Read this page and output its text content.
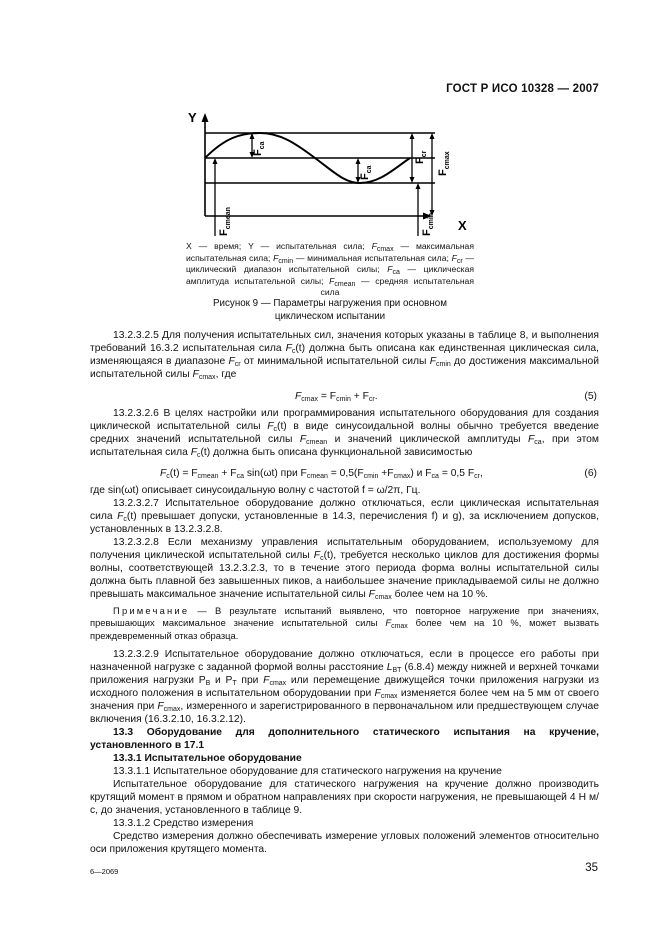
ГОСТ Р ИСО 10328 — 2007
Y
X
$F_{ca}$
$F_{ca}$
$F_{cr}$
$F_{cmax}$
$F_{cmean}$
$F_{cmin}$
X — время; Y — испытательная сила; $F_{cmax}$ — максимальная испытательная сила; $F_{cmin}$ — минимальная испытательная сила; $F_{cr}$ — циклический диапазон испытательной силы; $F_{ca}$ — циклическая амплитуда испытательной силы; $F_{cmean}$ — средняя испытательная сила
Рисунок 9 — Параметры нагружения при основном
циклическом испытании
13.2.3.2.5 Для получения испытательных сил, значения которых указаны в таблице 8, и выполнения требований 16.3.2 испытательная сила $F_c(t)$ должна быть описана как единственная циклическая сила, изменяющаяся в диапазоне $F_{cr}$ от минимальной испытательной силы $F_{cmin}$ до достижения максимальной испытательной силы $F_{cmax}$, где
$F_{cmax} = F_{cmin} + F_{cr}$.	(5)
13.2.3.2.6 В целях настройки или программирования испытательного оборудования для создания циклической испытательной силы $F_c(t)$ в виде синусоидальной волны обычно требуется введение средних значений испытательной силы $F_{cmean}$ и значений циклической амплитуды $F_{ca}$, при этом испытательная сила $F_c(t)$ должна быть описана функциональной зависимостью
$F_c(t) = F_{cmean} + F_{ca}$ sin(ωt) при $F_{cmean} = 0,5(F_{cmin} +F_{cmax})$ и $F_{ca} = 0,5$ $F_{cr}$,	(6)
где sin(ωt) описывает синусоидальную волну с частотой f = ω/2π, Гц.
13.2.3.2.7 Испытательное оборудование должно отключаться, если циклическая испытательная сила $F_c(t)$ превышает допуски, установленные в 14.3, перечисления f) и g), за исключением допусков, установленных в 13.2.3.2.8.
13.2.3.2.8 Если механизму управления испытательным оборудованием, используемому для получения циклической испытательной силы $F_c(t)$, требуется несколько циклов для достижения формы волны, соответствующей 13.2.3.2.3, то в течение этого периода форма волны испытательной силы должна быть плавной без завышенных пиков, а наибольшее значение прикладываемой силы не должно превышать максимальное значение испытательной силы $F_{cmax}$ более чем на 10 %.
Примечание — В результате испытаний выявлено, что повторное нагружение при значениях, превышающих максимальное значение испытательной силы $F_{cmax}$ более чем на 10 %, может вызвать преждевременный отказ образца.
13.2.3.2.9 Испытательное оборудование должно отключаться, если в процессе его работы при назначенной нагрузке с заданной формой волны расстояние $L_{BT}$ (6.8.4) между нижней и верхней точками приложения нагрузки $P_B$ и $P_T$ при $F_{cmax}$ или перемещение движущейся точки приложения нагрузки из исходного положения в испытательном оборудовании при $F_{cmax}$ изменяется более чем на 5 мм от своего значения при $F_{cmax}$, измеренного и зарегистрированного в первоначальном или предшествующем случае включения (16.3.2.10, 16.3.2.12).
13.3 Оборудование для дополнительного статического испытания на кручение, установленного в 17.1
13.3.1 Испытательное оборудование
13.3.1.1 Испытательное оборудование для статического нагружения на кручение
Испытательное оборудование для статического нагружения на кручение должно производить крутящий момент в прямом и обратном направлениях при скорости нагружения, не превышающей 4 Н м/с, до значения, установленного в таблице 9.
13.3.1.2 Средство измерения
Средство измерения должно обеспечивать измерение угловых положений элементов относительно оси приложения крутящего момента.
6—2069	35
